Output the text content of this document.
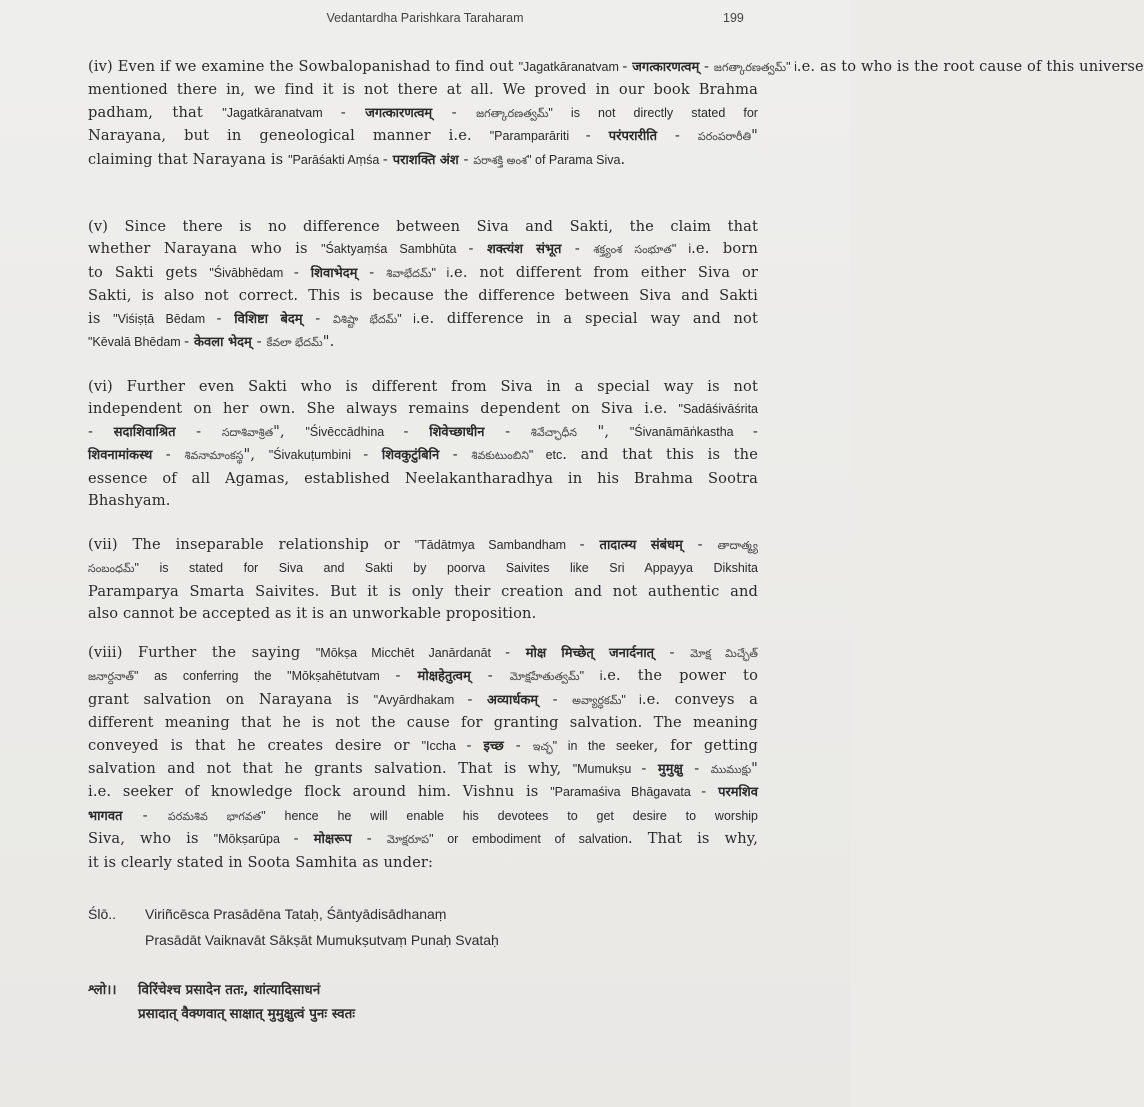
Vedantardha Parishkara Taraharam	199
(iv) Even if we examine the Sowbalopanishad to find out "Jagatkāranatvam - जगत्कारणत्वम् - జగత్కారణత్వమ్" i.e. as to who is the root cause of this universe
mentioned there in, we find it is not there at all. We proved in our book Brahma
padham, that "Jagatkāranatvam - जगत्कारणत्वम् - జగత్కారణత్వమ్" is not directly stated for
Narayana, but in geneological manner i.e. "Paramparāriti - परंपरारीति - పరంపరారీతి"
claiming that Narayana is "Parāśakti Aṃśa - पराशक्ति अंश - పరాశక్తి అంశ" of Parama Siva.
(v) Since there is no difference between Siva and Sakti, the claim that
whether Narayana who is "Śaktyaṃśa Sambhūta - शक्त्यंश संभूत - శక్త్యంశ సంభూత" i.e. born
to Sakti gets "Śivābhēdam - शिवाभेदम् - శివాభేదమ్" i.e. not different from either Siva or
Sakti, is also not correct. This is because the difference between Siva and Sakti
is "Viśiṣṭā Bēdam - विशिष्टा बेदम् - విశిష్టా భేదమ్" i.e. difference in a special way and not
"Kēvalā Bhēdam - केवला भेदम् - కేవలా భేదమ్".
(vi) Further even Sakti who is different from Siva in a special way is not
independent on her own. She always remains dependent on Siva i.e. "Sadāśivāśrita
- सदाशिवाश्रित - సదాశివాశ్రిత", "Śivēccādhina - शिवेच्छाधीन - శివేచ్ఛాధీన ", "Śivanāmāṅkastha -
शिवनामांकस्थ - శివనామాంకస్థ", "Śivakuṭumbini - शिवकुटुंबिनि - శివకుటుంబిని" etc. and that this is the
essence of all Agamas, established Neelakantharadhya in his Brahma Sootra
Bhashyam.
(vii) The inseparable relationship or "Tādātmya Sambandham - तादात्म्य संबंधम् - తాదాత్మ్య
సంబంధమ్" is stated for Siva and Sakti by poorva Saivites like Sri Appayya Dikshita
Paramparya Smarta Saivites. But it is only their creation and not authentic and
also cannot be accepted as it is an unworkable proposition.
(viii) Further the saying "Mōkṣa Micchēt Janārdanāt - मोक्ष मिच्छेत् जनार्दनात् - మోక్ష మిచ్ఛేత్
జనార్దనాత్" as conferring the "Mōkṣahētutvam - मोक्षहेतुत्वम् - మోక్షహేతుత్వమ్" i.e. the power to
grant salvation on Narayana is "Avyārdhakam - अव्यार्धकम् - అవ్యార్ధకమ్" i.e. conveys a
different meaning that he is not the cause for granting salvation. The meaning
conveyed is that he creates desire or "Iccha - इच्छ - ఇచ్ఛ" in the seeker, for getting
salvation and not that he grants salvation. That is why, "Mumukṣu - मुमुक्षु - ముముక్షు"
i.e. seeker of knowledge flock around him. Vishnu is "Paramaśiva Bhāgavata - परमशिव
भागवत - పరమశివ భాగవత" hence he will enable his devotees to get desire to worship
Siva, who is "Mōkṣarūpa - मोक्षरूप - మోక్షరూప" or embodiment of salvation. That is why,
it is clearly stated in Soota Samhita as under:
Ślō.. Viriñcēsca Prasādēna Tataḥ, Śāntyādisādhanaṃ
Prasādāt Vaiknavāt Sākṣāt Mumukṣutvaṃ Punaḥ Svataḥ
श्लो।। विरिंचेश्च प्रसादेन ततः, शांत्यादिसाधनं
प्रसादात् वैक्णवात् साक्षात् मुमुक्षुत्वं पुनः स्वतः
